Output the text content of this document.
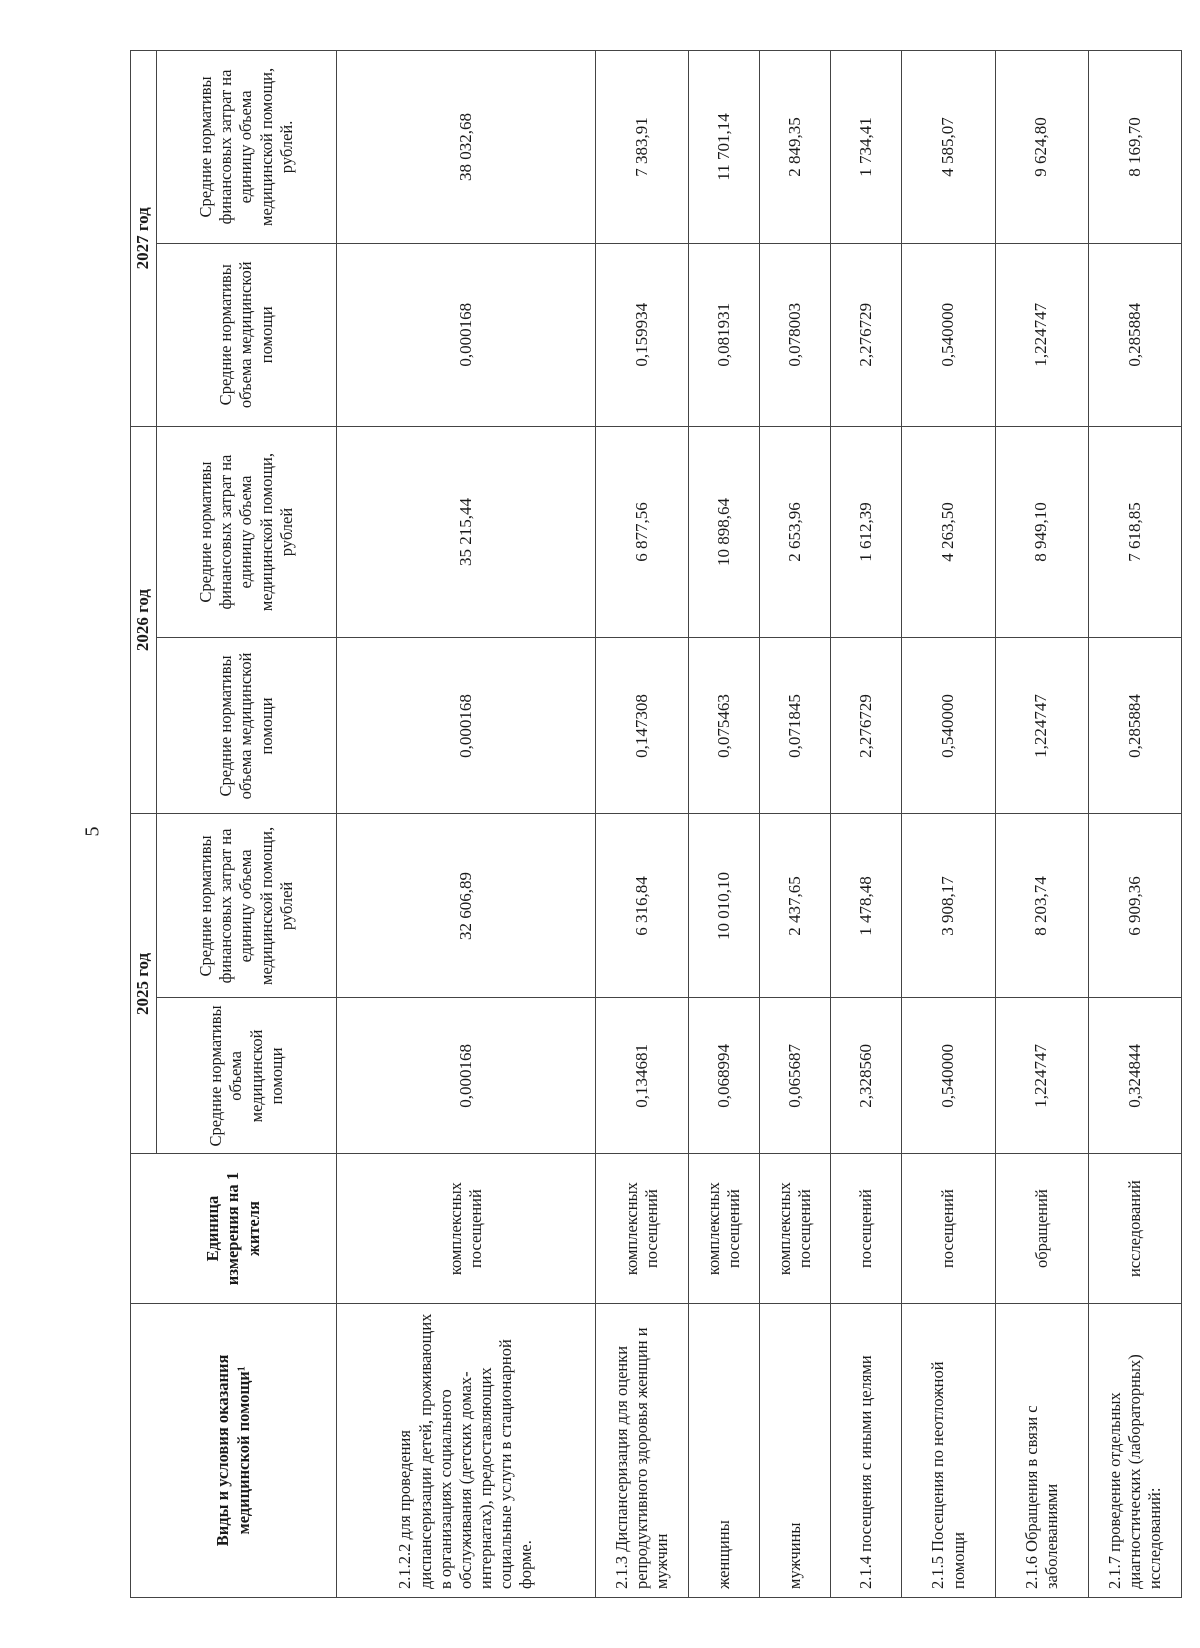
5
Виды и условия оказания медицинской помощи¹	Единица измерения на 1 жителя	2025 год		2026 год		2027 год	
		Средние нормативы объема медицинской помощи	Средние нормативы финансовых затрат на единицу объема медицинской помощи, рублей	Средние нормативы объема медицинской помощи	Средние нормативы финансовых затрат на единицу объема медицинской помощи, рублей	Средние нормативы объема медицинской помощи	Средние нормативы финансовых затрат на единицу объема медицинской помощи, рублей.
2.1.2.2 для проведения диспансеризации детей, проживающих в организациях социального обслуживания (детских домах-интернатах), предоставляющих социальные услуги в стационарной форме.	комплексных посещений	0,000168	32 606,89	0,000168	35 215,44	0,000168	38 032,68
2.1.3 Диспансеризация для оценки репродуктивного здоровья женщин и мужчин	комплексных посещений	0,134681	6 316,84	0,147308	6 877,56	0,159934	7 383,91
женщины	комплексных посещений	0,068994	10 010,10	0,075463	10 898,64	0,081931	11 701,14
мужчины	комплексных посещений	0,065687	2 437,65	0,071845	2 653,96	0,078003	2 849,35
2.1.4 посещения с иными целями	посещений	2,328560	1 478,48	2,276729	1 612,39	2,276729	1 734,41
2.1.5 Посещения по неотложной помощи	посещений	0,540000	3 908,17	0,540000	4 263,50	0,540000	4 585,07
2.1.6 Обращения в связи с заболеваниями	обращений	1,224747	8 203,74	1,224747	8 949,10	1,224747	9 624,80
2.1.7 проведение отдельных диагностических (лабораторных) исследований:	исследований	0,324844	6 909,36	0,285884	7 618,85	0,285884	8 169,70
